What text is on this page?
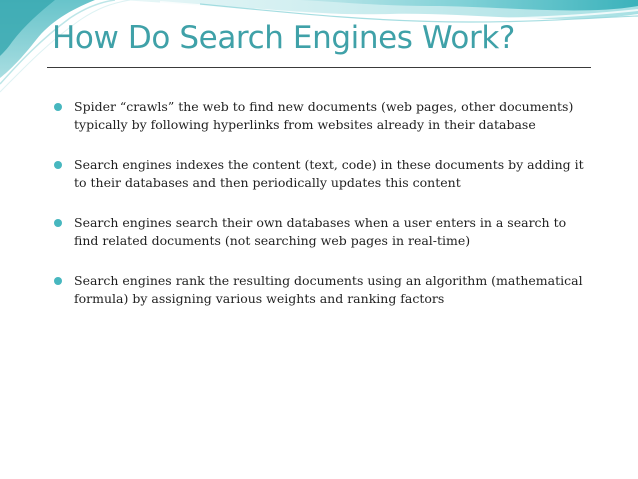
How Do Search Engines Work?
Spider “crawls” the web to find new documents (web pages, other documents) typically by following hyperlinks from websites already in their database
Search engines indexes the content (text, code) in these documents by adding it to their databases and then periodically updates this content
Search engines search their own databases when a user enters in a search to find related documents (not searching web pages in real-time)
Search engines rank the resulting documents using an algorithm (mathematical formula) by assigning various weights and ranking factors
